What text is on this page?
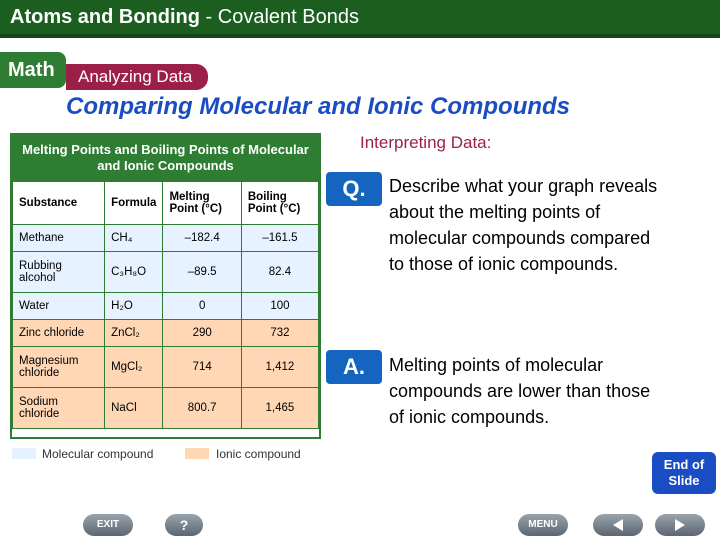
Atoms and Bonding - Covalent Bonds
Math	Analyzing Data
Comparing Molecular and Ionic Compounds
Melting Points and Boiling Points of Molecular and Ionic Compounds
Substance	Formula	Melting Point (°C)	Boiling Point (°C)
Methane	CH₄	–182.4	–161.5
Rubbing alcohol	C₃H₈O	–89.5	82.4
Water	H₂O	0	100
Zinc chloride	ZnCl₂	290	732
Magnesium chloride	MgCl₂	714	1,412
Sodium chloride	NaCl	800.7	1,465
Molecular compound	Ionic compound
Interpreting Data:
Q.	Describe what your graph reveals about the melting points of molecular compounds compared to those of ionic compounds.
A.	Melting points of molecular compounds are lower than those of ionic compounds.
End of
Slide
EXIT	?	MENU
